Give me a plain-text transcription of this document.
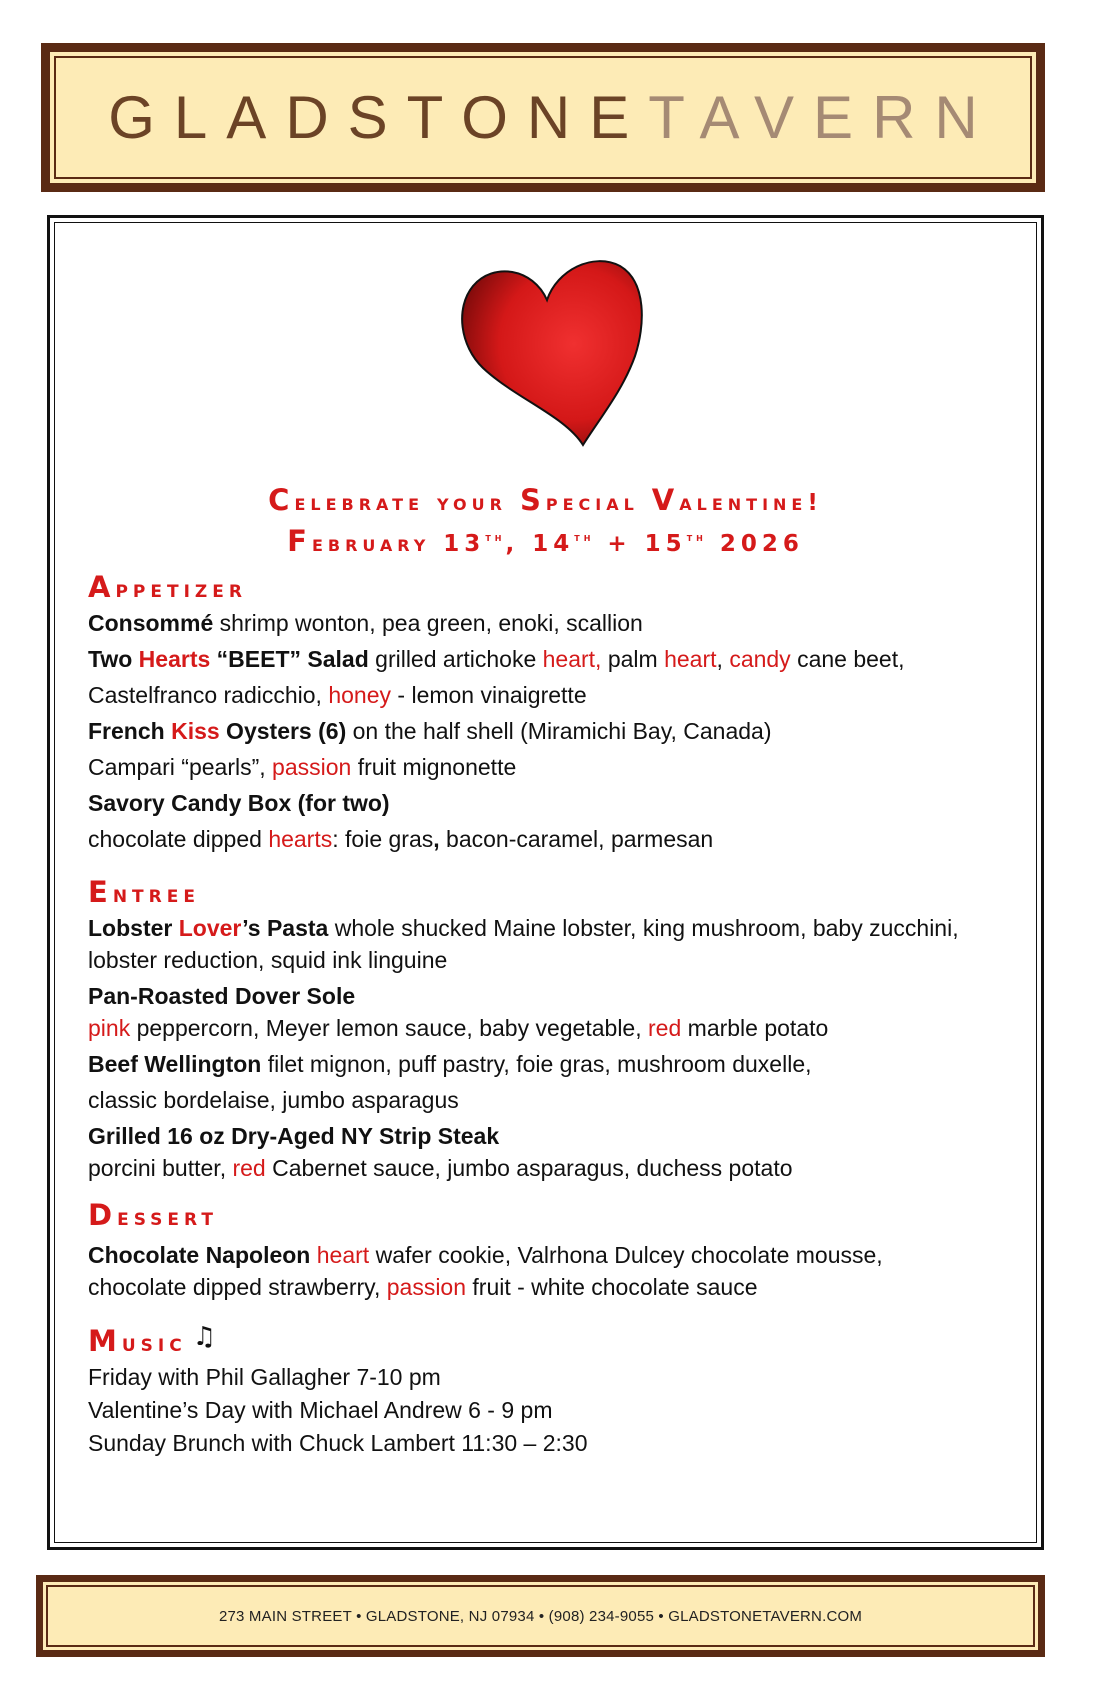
GLADSTONETAVERN
Celebrate your Special Valentine!
February 13th, 14th + 15th 2026
Appetizer
Consommé shrimp wonton, pea green, enoki, scallion
Two Hearts “BEET” Salad grilled artichoke heart, palm heart, candy cane beet,
Castelfranco radicchio, honey - lemon vinaigrette
French Kiss Oysters (6) on the half shell (Miramichi Bay, Canada)
Campari “pearls”, passion fruit mignonette
Savory Candy Box (for two)
chocolate dipped hearts: foie gras, bacon-caramel, parmesan
Entree
Lobster Lover’s Pasta whole shucked Maine lobster, king mushroom, baby zucchini,
lobster reduction, squid ink linguine
Pan-Roasted Dover Sole
pink peppercorn, Meyer lemon sauce, baby vegetable, red marble potato
Beef Wellington filet mignon, puff pastry, foie gras, mushroom duxelle,
classic bordelaise, jumbo asparagus
Grilled 16 oz Dry-Aged NY Strip Steak
porcini butter, red Cabernet sauce, jumbo asparagus, duchess potato
Dessert
Chocolate Napoleon heart wafer cookie, Valrhona Dulcey chocolate mousse,
chocolate dipped strawberry, passion fruit - white chocolate sauce
Music ♫
Friday with Phil Gallagher 7-10 pm
Valentine’s Day with Michael Andrew 6 - 9 pm
Sunday Brunch with Chuck Lambert 11:30 – 2:30
273 MAIN STREET • GLADSTONE, NJ 07934 • (908) 234-9055 • GLADSTONETAVERN.COM
